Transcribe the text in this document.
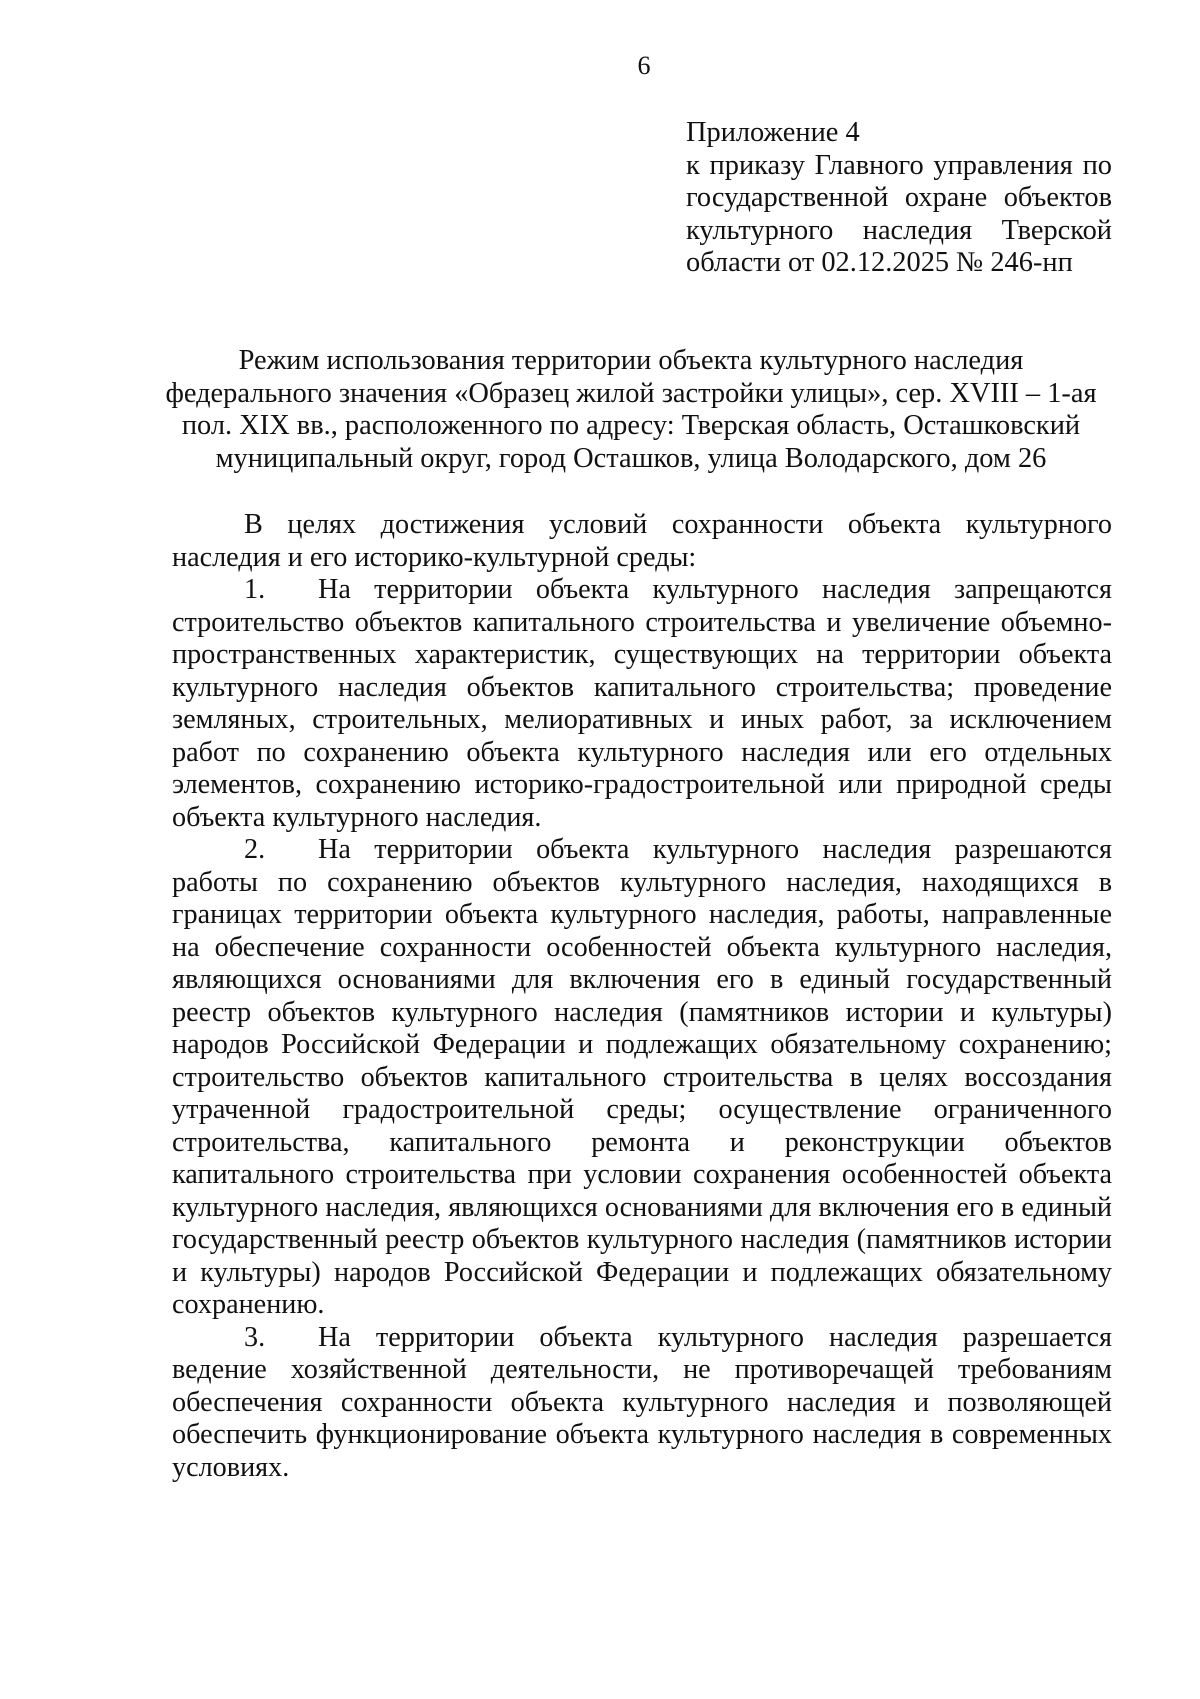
6
Приложение 4
к приказу Главного управления по
государственной охране объектов
культурного наследия Тверской
области от 02.12.2025 № 246-нп
Режим использования территории объекта культурного наследия
федерального значения «Образец жилой застройки улицы», сер. XVIII – 1-ая
пол. XIX вв., расположенного по адресу: Тверская область, Осташковский
муниципальный округ, город Осташков, улица Володарского, дом 26

В целях достижения условий сохранности объекта культурного наследия и его историко-культурной среды:

1. На территории объекта культурного наследия запрещаются строительство объектов капитального строительства и увеличение объемно-пространственных характеристик, существующих на территории объекта культурного наследия объектов капитального строительства; проведение земляных, строительных, мелиоративных и иных работ, за исключением работ по сохранению объекта культурного наследия или его отдельных элементов, сохранению историко-градостроительной или природной среды объекта культурного наследия.

2. На территории объекта культурного наследия разрешаются работы по сохранению объектов культурного наследия, находящихся в границах территории объекта культурного наследия, работы, направленные на обеспечение сохранности особенностей объекта культурного наследия, являющихся основаниями для включения его в единый государственный реестр объектов культурного наследия (памятников истории и культуры) народов Российской Федерации и подлежащих обязательному сохранению; строительство объектов капитального строительства в целях воссоздания утраченной градостроительной среды; осуществление ограниченного строительства, капитального ремонта и реконструкции объектов капитального строительства при условии сохранения особенностей объекта культурного наследия, являющихся основаниями для включения его в единый государственный реестр объектов культурного наследия (памятников истории и культуры) народов Российской Федерации и подлежащих обязательному сохранению.

3. На территории объекта культурного наследия разрешается ведение хозяйственной деятельности, не противоречащей требованиям обеспечения сохранности объекта культурного наследия и позволяющей обеспечить функционирование объекта культурного наследия в современных условиях.
